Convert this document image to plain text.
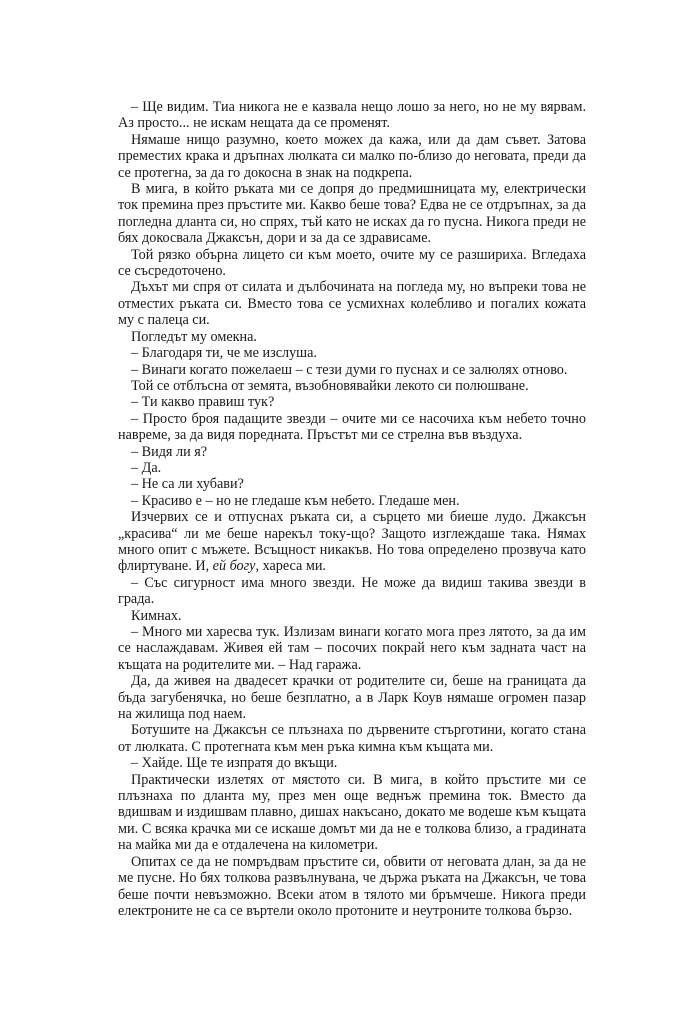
– Ще видим. Тиа никога не е казвала нещо лошо за него, но не му вярвам. Аз просто... не искам нещата да се променят.

Нямаше нищо разумно, което можех да кажа, или да дам съвет. Затова преместих крака и дръпнах люлката си малко по-близо до неговата, преди да се протегна, за да го докосна в знак на подкрепа.

В мига, в който ръката ми се допря до предмишницата му, електрически ток премина през пръстите ми. Какво беше това? Едва не се отдръпнах, за да погледна дланта си, но спрях, тъй като не исках да го пусна. Никога преди не бях докосвала Джаксън, дори и за да се здрависаме.

Той рязко обърна лицето си към моето, очите му се разшириха. Вгледаха се съсредоточено.

Дъхът ми спря от силата и дълбочината на погледа му, но въпреки това не отместих ръката си. Вместо това се усмихнах колебливо и погалих кожата му с палеца си.

Погледът му омекна.

– Благодаря ти, че ме изслуша.

– Винаги когато пожелаеш – с тези думи го пуснах и се залюлях отново.

Той се отблъсна от земята, възобновявайки лекото си полюшване.

– Ти какво правиш тук?

– Просто броя падащите звезди – очите ми се насочиха към небето точно навреме, за да видя поредната. Пръстът ми се стрелна във въздуха.

– Видя ли я?

– Да.

– Не са ли хубави?

– Красиво е – но не гледаше към небето. Гледаше мен.

Изчервих се и отпуснах ръката си, а сърцето ми биеше лудо. Джаксън „красива“ ли ме беше нарекъл току-що? Защото изглеждаше така. Нямах много опит с мъжете. Всъщност никакъв. Но това определено прозвуча като флиртуване. И, ей богу, хареса ми.

– Със сигурност има много звезди. Не може да видиш такива звезди в града.

Кимнах.

– Много ми харесва тук. Излизам винаги когато мога през лятото, за да им се наслаждавам. Живея ей там – посочих покрай него към задната част на къщата на родителите ми. – Над гаража.

Да, да живея на двадесет крачки от родителите си, беше на границата да бъда загубенячка, но беше безплатно, а в Ларк Коув нямаше огромен пазар на жилища под наем.

Ботушите на Джаксън се плъзнаха по дървените стърготини, когато стана от люлката. С протегната към мен ръка кимна към къщата ми.

– Хайде. Ще те изпратя до вкъщи.

Практически излетях от мястото си. В мига, в който пръстите ми се плъзнаха по дланта му, през мен още веднъж премина ток. Вместо да вдишвам и издишвам плавно, дишах накъсано, докато ме водеше към къщата ми. С всяка крачка ми се искаше домът ми да не е толкова близо, а градината на майка ми да е отдалечена на километри.

Опитах се да не помръдвам пръстите си, обвити от неговата длан, за да не ме пусне. Но бях толкова развълнувана, че държа ръката на Джаксън, че това беше почти невъзможно. Всеки атом в тялото ми бръмчеше. Никога преди електроните не са се въртели около протоните и неутроните толкова бързо.
